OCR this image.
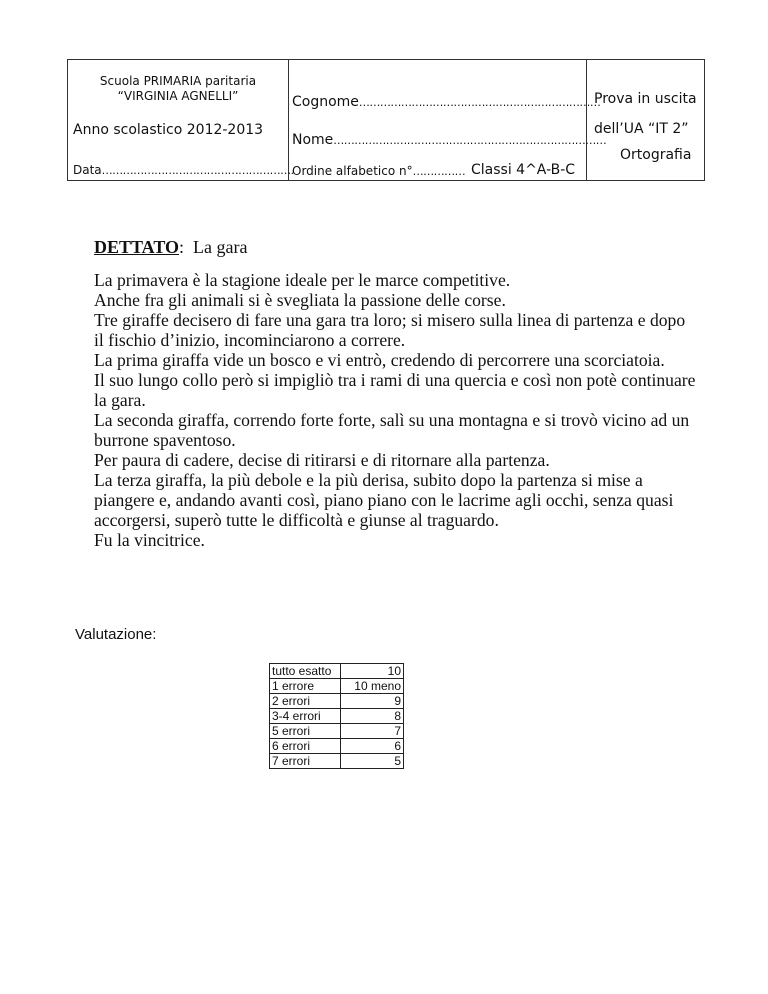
Scuola PRIMARIA paritaria
“VIRGINIA AGNELLI”
Anno scolastico 2012-2013
Data……………………………………………….
Cognome……………………………………………………………
Nome……………………………………………………………………
Ordine alfabetico n°…………… Classi 4^A-B-C
Prova in uscita
dell’UA “IT 2”
Ortografia
DETTATO:  La gara
La primavera è la stagione ideale per le marce competitive.
Anche fra gli animali si è svegliata la passione delle corse.
Tre giraffe decisero di fare una gara tra loro; si misero sulla linea di partenza e dopo
il fischio d’inizio, incominciarono a correre.
La prima giraffa vide un bosco e vi entrò, credendo di percorrere una scorciatoia.
Il suo lungo collo però si impigliò tra i rami di una quercia e così non potè continuare
la gara.
La seconda giraffa, correndo forte forte, salì su una montagna e si trovò vicino ad un
burrone spaventoso.
Per paura di cadere, decise di ritirarsi e di ritornare alla partenza.
La terza giraffa, la più debole e la più derisa, subito dopo la partenza si mise a
piangere e, andando avanti così, piano piano con le lacrime agli occhi, senza quasi
accorgersi, superò tutte le difficoltà e giunse al traguardo.
Fu la vincitrice.
Valutazione:
tutto esatto	10
1 errore	10 meno
2 errori	9
3-4 errori	8
5 errori	7
6 errori	6
7 errori	5
